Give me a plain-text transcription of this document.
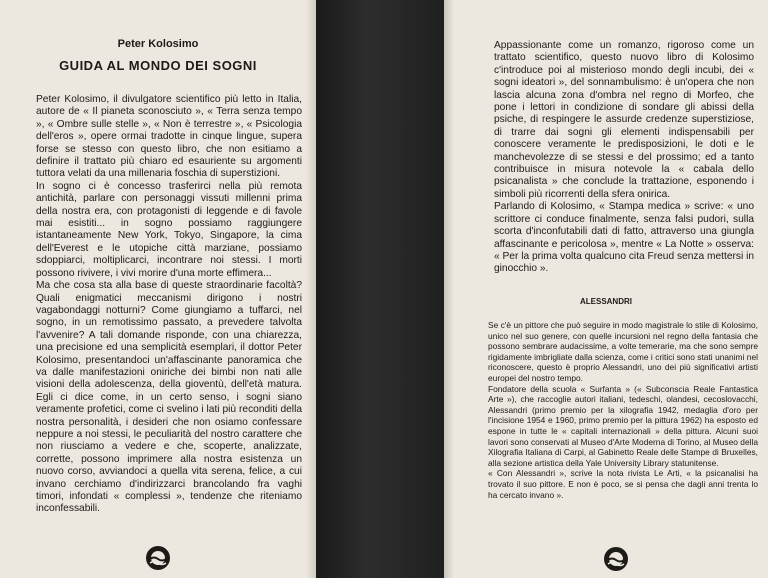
Peter Kolosimo
GUIDA AL MONDO DEI SOGNI

Peter Kolosimo, il divulgatore scientifico più letto in Italia, autore de « Il pianeta sconosciuto », « Terra senza tempo », « Ombre sulle stelle », « Non è terrestre », « Psicologia dell'eros », opere ormai tradotte in cinque lingue, supera forse se stesso con questo libro, che non esitiamo a definire il trattato più chiaro ed esauriente su argomenti tuttora velati da una millenaria foschia di superstizioni.

In sogno ci è concesso trasferirci nella più remota antichità, parlare con personaggi vissuti millenni prima della nostra era, con protagonisti di leggende e di favole mai esistiti... in sogno possiamo raggiungere istantaneamente New York, Tokyo, Singapore, la cima dell'Everest e le utopiche città marziane, possiamo sdoppiarci, moltiplicarci, incontrare noi stessi. I morti possono rivivere, i vivi morire d'una morte effimera...

Ma che cosa sta alla base di queste straordinarie facoltà? Quali enigmatici meccanismi dirigono i nostri vagabondaggi notturni? Come giungiamo a tuffarci, nel sogno, in un remotissimo passato, a prevedere talvolta l'avvenire? A tali domande risponde, con una chiarezza, una precisione ed una semplicità esemplari, il dottor Peter Kolosimo, presentandoci un'affascinante panoramica che va dalle manifestazioni oniriche dei bimbi non nati alle visioni della adolescenza, della gioventù, dell'età matura. Egli ci dice come, in un certo senso, i sogni siano veramente profetici, come ci svelino i lati più reconditi della nostra personalità, i desideri che non osiamo confessare neppure a noi stessi, le peculiarità del nostro carattere che non riusciamo a vedere e che, scoperte, analizzate, corrette, possono imprimere alla nostra esistenza un nuovo corso, avviandoci a quella vita serena, felice, a cui invano cerchiamo d'indirizzarci brancolando fra vaghi timori, infondati « complessi », tendenze che riteniamo inconfessabili.

Appassionante come un romanzo, rigoroso come un trattato scientifico, questo nuovo libro di Kolosimo c'introduce poi al misterioso mondo degli incubi, dei « sogni ideatori », del sonnambulismo: è un'opera che non lascia alcuna zona d'ombra nel regno di Morfeo, che pone i lettori in condizione di sondare gli abissi della psiche, di respingere le assurde credenze superstiziose, di trarre dai sogni gli elementi indispensabili per conoscere veramente le predisposizioni, le doti e le manchevolezze di se stessi e del prossimo; ed a tanto contribuisce in misura notevole la « cabala dello psicanalista » che conclude la trattazione, esponendo i simboli più ricorrenti della sfera onirica.

Parlando di Kolosimo, « Stampa medica » scrive: « uno scrittore ci conduce finalmente, senza falsi pudori, sulla scorta d'inconfutabili dati di fatto, attraverso una giungla affascinante e pericolosa », mentre « La Notte » osserva: « Per la prima volta qualcuno cita Freud senza mettersi in ginocchio ».

ALESSANDRI

Se c'è un pittore che può seguire in modo magistrale lo stile di Kolosimo, unico nel suo genere, con quelle incursioni nel regno della fantasia che possono sembrare audacissime, a volte temerarie, ma che sono sempre rigidamente imbrigliate dalla scienza, come i critici sono stati unanimi nel riconoscere, questo è proprio Alessandri, uno dei più significativi artisti europei del nostro tempo.

Fondatore della scuola « Surfanta » (« Subconscia Reale Fantastica Arte »), che raccoglie autori italiani, tedeschi, olandesi, cecoslovacchi, Alessandri (primo premio per la xilografia 1942, medaglia d'oro per l'incisione 1954 e 1960, primo premio per la pittura 1962) ha esposto ed espone in tutte le « capitali internazionali » della pittura. Alcuni suoi lavori sono conservati al Museo d'Arte Moderna di Torino, al Museo della Xilografia Italiana di Carpi, al Gabinetto Reale delle Stampe di Bruxelles, alla sezione artistica della Yale University Library statunitense.

« Con Alessandri », scrive la nota rivista Le Arti, « la psicanalisi ha trovato il suo pittore. E non è poco, se si pensa che dagli anni trenta lo ha cercato invano ».
